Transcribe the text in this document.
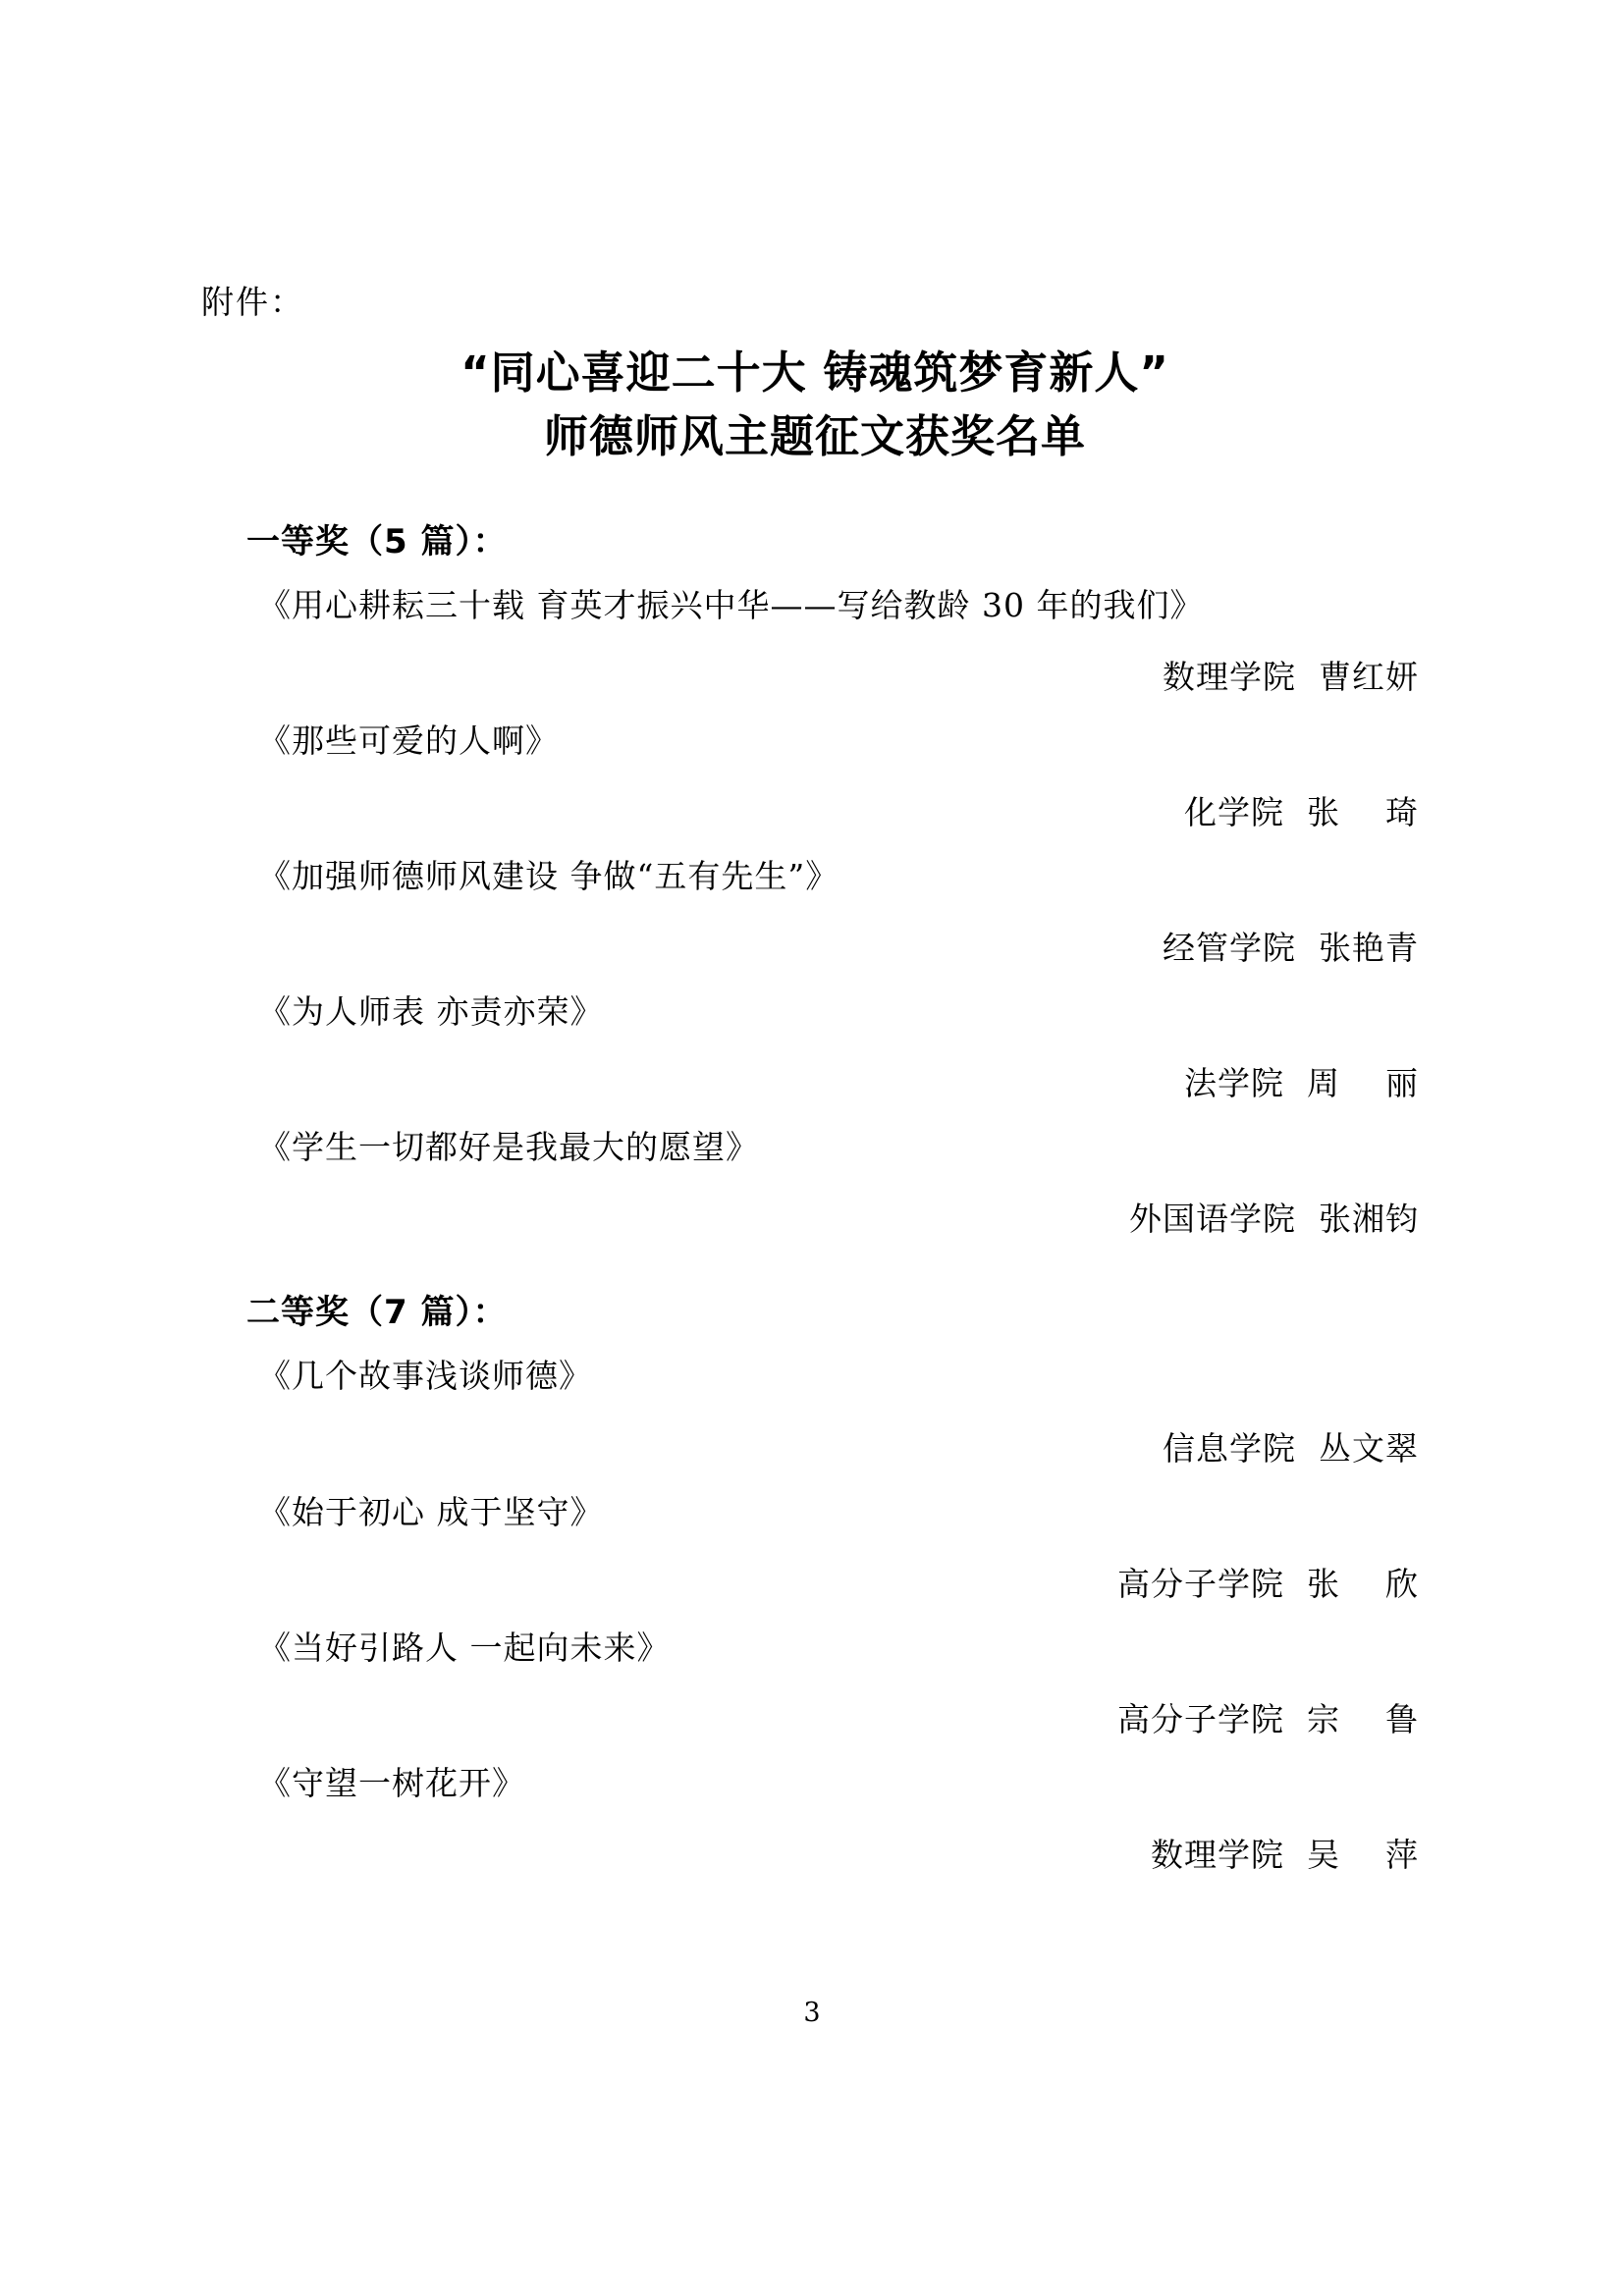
附件：
“同心喜迎二十大 铸魂筑梦育新人”
师德师风主题征文获奖名单
一等奖（5 篇）：
《用心耕耘三十载 育英才振兴中华——写给教龄 30 年的我们》
数理学院  曹红妍
《那些可爱的人啊》
化学院  张    琦
《加强师德师风建设 争做“五有先生”》
经管学院  张艳青
《为人师表 亦责亦荣》
法学院  周    丽
《学生一切都好是我最大的愿望》
外国语学院  张湘钧
二等奖（7 篇）：
《几个故事浅谈师德》
信息学院  丛文翠
《始于初心 成于坚守》
高分子学院  张    欣
《当好引路人 一起向未来》
高分子学院  宗    鲁
《守望一树花开》
数理学院  吴    萍
3
